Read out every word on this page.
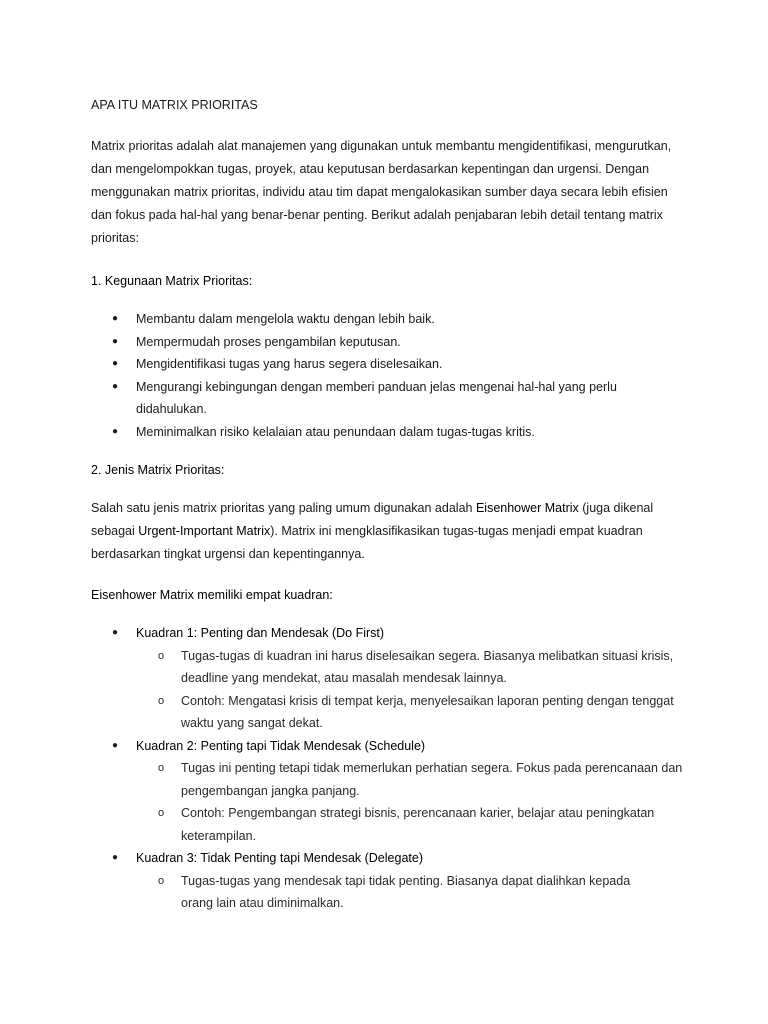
APA ITU MATRIX PRIORITAS

Matrix prioritas adalah alat manajemen yang digunakan untuk membantu mengidentifikasi, mengurutkan, dan mengelompokkan tugas, proyek, atau keputusan berdasarkan kepentingan dan urgensi. Dengan menggunakan matrix prioritas, individu atau tim dapat mengalokasikan sumber daya secara lebih efisien dan fokus pada hal-hal yang benar-benar penting. Berikut adalah penjabaran lebih detail tentang matrix prioritas:

1. Kegunaan Matrix Prioritas:

● Membantu dalam mengelola waktu dengan lebih baik.
● Mempermudah proses pengambilan keputusan.
● Mengidentifikasi tugas yang harus segera diselesaikan.
● Mengurangi kebingungan dengan memberi panduan jelas mengenai hal-hal yang perlu didahulukan.
● Meminimalkan risiko kelalaian atau penundaan dalam tugas-tugas kritis.

2. Jenis Matrix Prioritas:

Salah satu jenis matrix prioritas yang paling umum digunakan adalah Eisenhower Matrix (juga dikenal sebagai Urgent-Important Matrix). Matrix ini mengklasifikasikan tugas-tugas menjadi empat kuadran berdasarkan tingkat urgensi dan kepentingannya.

Eisenhower Matrix memiliki empat kuadran:

● Kuadran 1: Penting dan Mendesak (Do First)
o Tugas-tugas di kuadran ini harus diselesaikan segera. Biasanya melibatkan situasi krisis, deadline yang mendekat, atau masalah mendesak lainnya.
o Contoh: Mengatasi krisis di tempat kerja, menyelesaikan laporan penting dengan tenggat waktu yang sangat dekat.
● Kuadran 2: Penting tapi Tidak Mendesak (Schedule)
o Tugas ini penting tetapi tidak memerlukan perhatian segera. Fokus pada perencanaan dan pengembangan jangka panjang.
o Contoh: Pengembangan strategi bisnis, perencanaan karier, belajar atau peningkatan keterampilan.
● Kuadran 3: Tidak Penting tapi Mendesak (Delegate)
o Tugas-tugas yang mendesak tapi tidak penting. Biasanya dapat dialihkan kepada orang lain atau diminimalkan.
